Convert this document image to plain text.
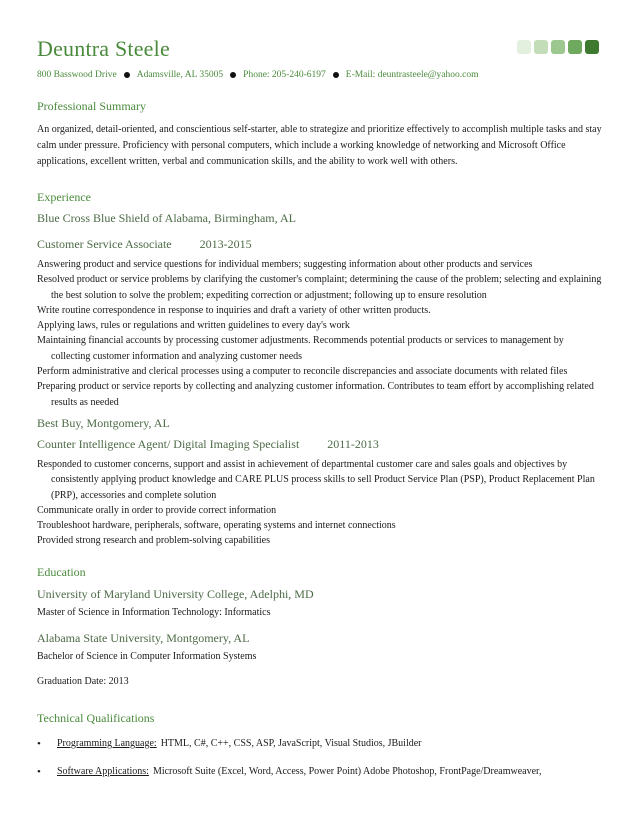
Deuntra Steele
800 Basswood Drive Adamsville, AL 35005 Phone: 205-240-6197 E-Mail: deuntrasteele@yahoo.com
Professional Summary
An organized, detail-oriented, and conscientious self-starter, able to strategize and prioritize effectively to accomplish multiple tasks and stay calm under pressure. Proficiency with personal computers, which include a working knowledge of networking and Microsoft Office applications, excellent written, verbal and communication skills, and the ability to work well with others.
Experience
Blue Cross Blue Shield of Alabama, Birmingham, AL
Customer Service Associate 2013-2015
Answering product and service questions for individual members; suggesting information about other products and services
Resolved product or service problems by clarifying the customer's complaint; determining the cause of the problem; selecting and explaining the best solution to solve the problem; expediting correction or adjustment; following up to ensure resolution
Write routine correspondence in response to inquiries and draft a variety of other written products.
Applying laws, rules or regulations and written guidelines to every day's work
Maintaining financial accounts by processing customer adjustments. Recommends potential products or services to management by collecting customer information and analyzing customer needs
Perform administrative and clerical processes using a computer to reconcile discrepancies and associate documents with related files
Preparing product or service reports by collecting and analyzing customer information. Contributes to team effort by accomplishing related results as needed
Best Buy, Montgomery, AL
Counter Intelligence Agent/ Digital Imaging Specialist 2011-2013
Responded to customer concerns, support and assist in achievement of departmental customer care and sales goals and objectives by consistently applying product knowledge and CARE PLUS process skills to sell Product Service Plan (PSP), Product Replacement Plan (PRP), accessories and complete solution
Communicate orally in order to provide correct information
Troubleshoot hardware, peripherals, software, operating systems and internet connections
Provided strong research and problem-solving capabilities
Education
University of Maryland University College, Adelphi, MD
Master of Science in Information Technology: Informatics
Alabama State University, Montgomery, AL
Bachelor of Science in Computer Information Systems
Graduation Date: 2013
Technical Qualifications
•	Programming Language: HTML, C#, C++, CSS, ASP, JavaScript, Visual Studios, JBuilder
•	Software Applications: Microsoft Suite (Excel, Word, Access, Power Point) Adobe Photoshop, FrontPage/Dreamweaver,
